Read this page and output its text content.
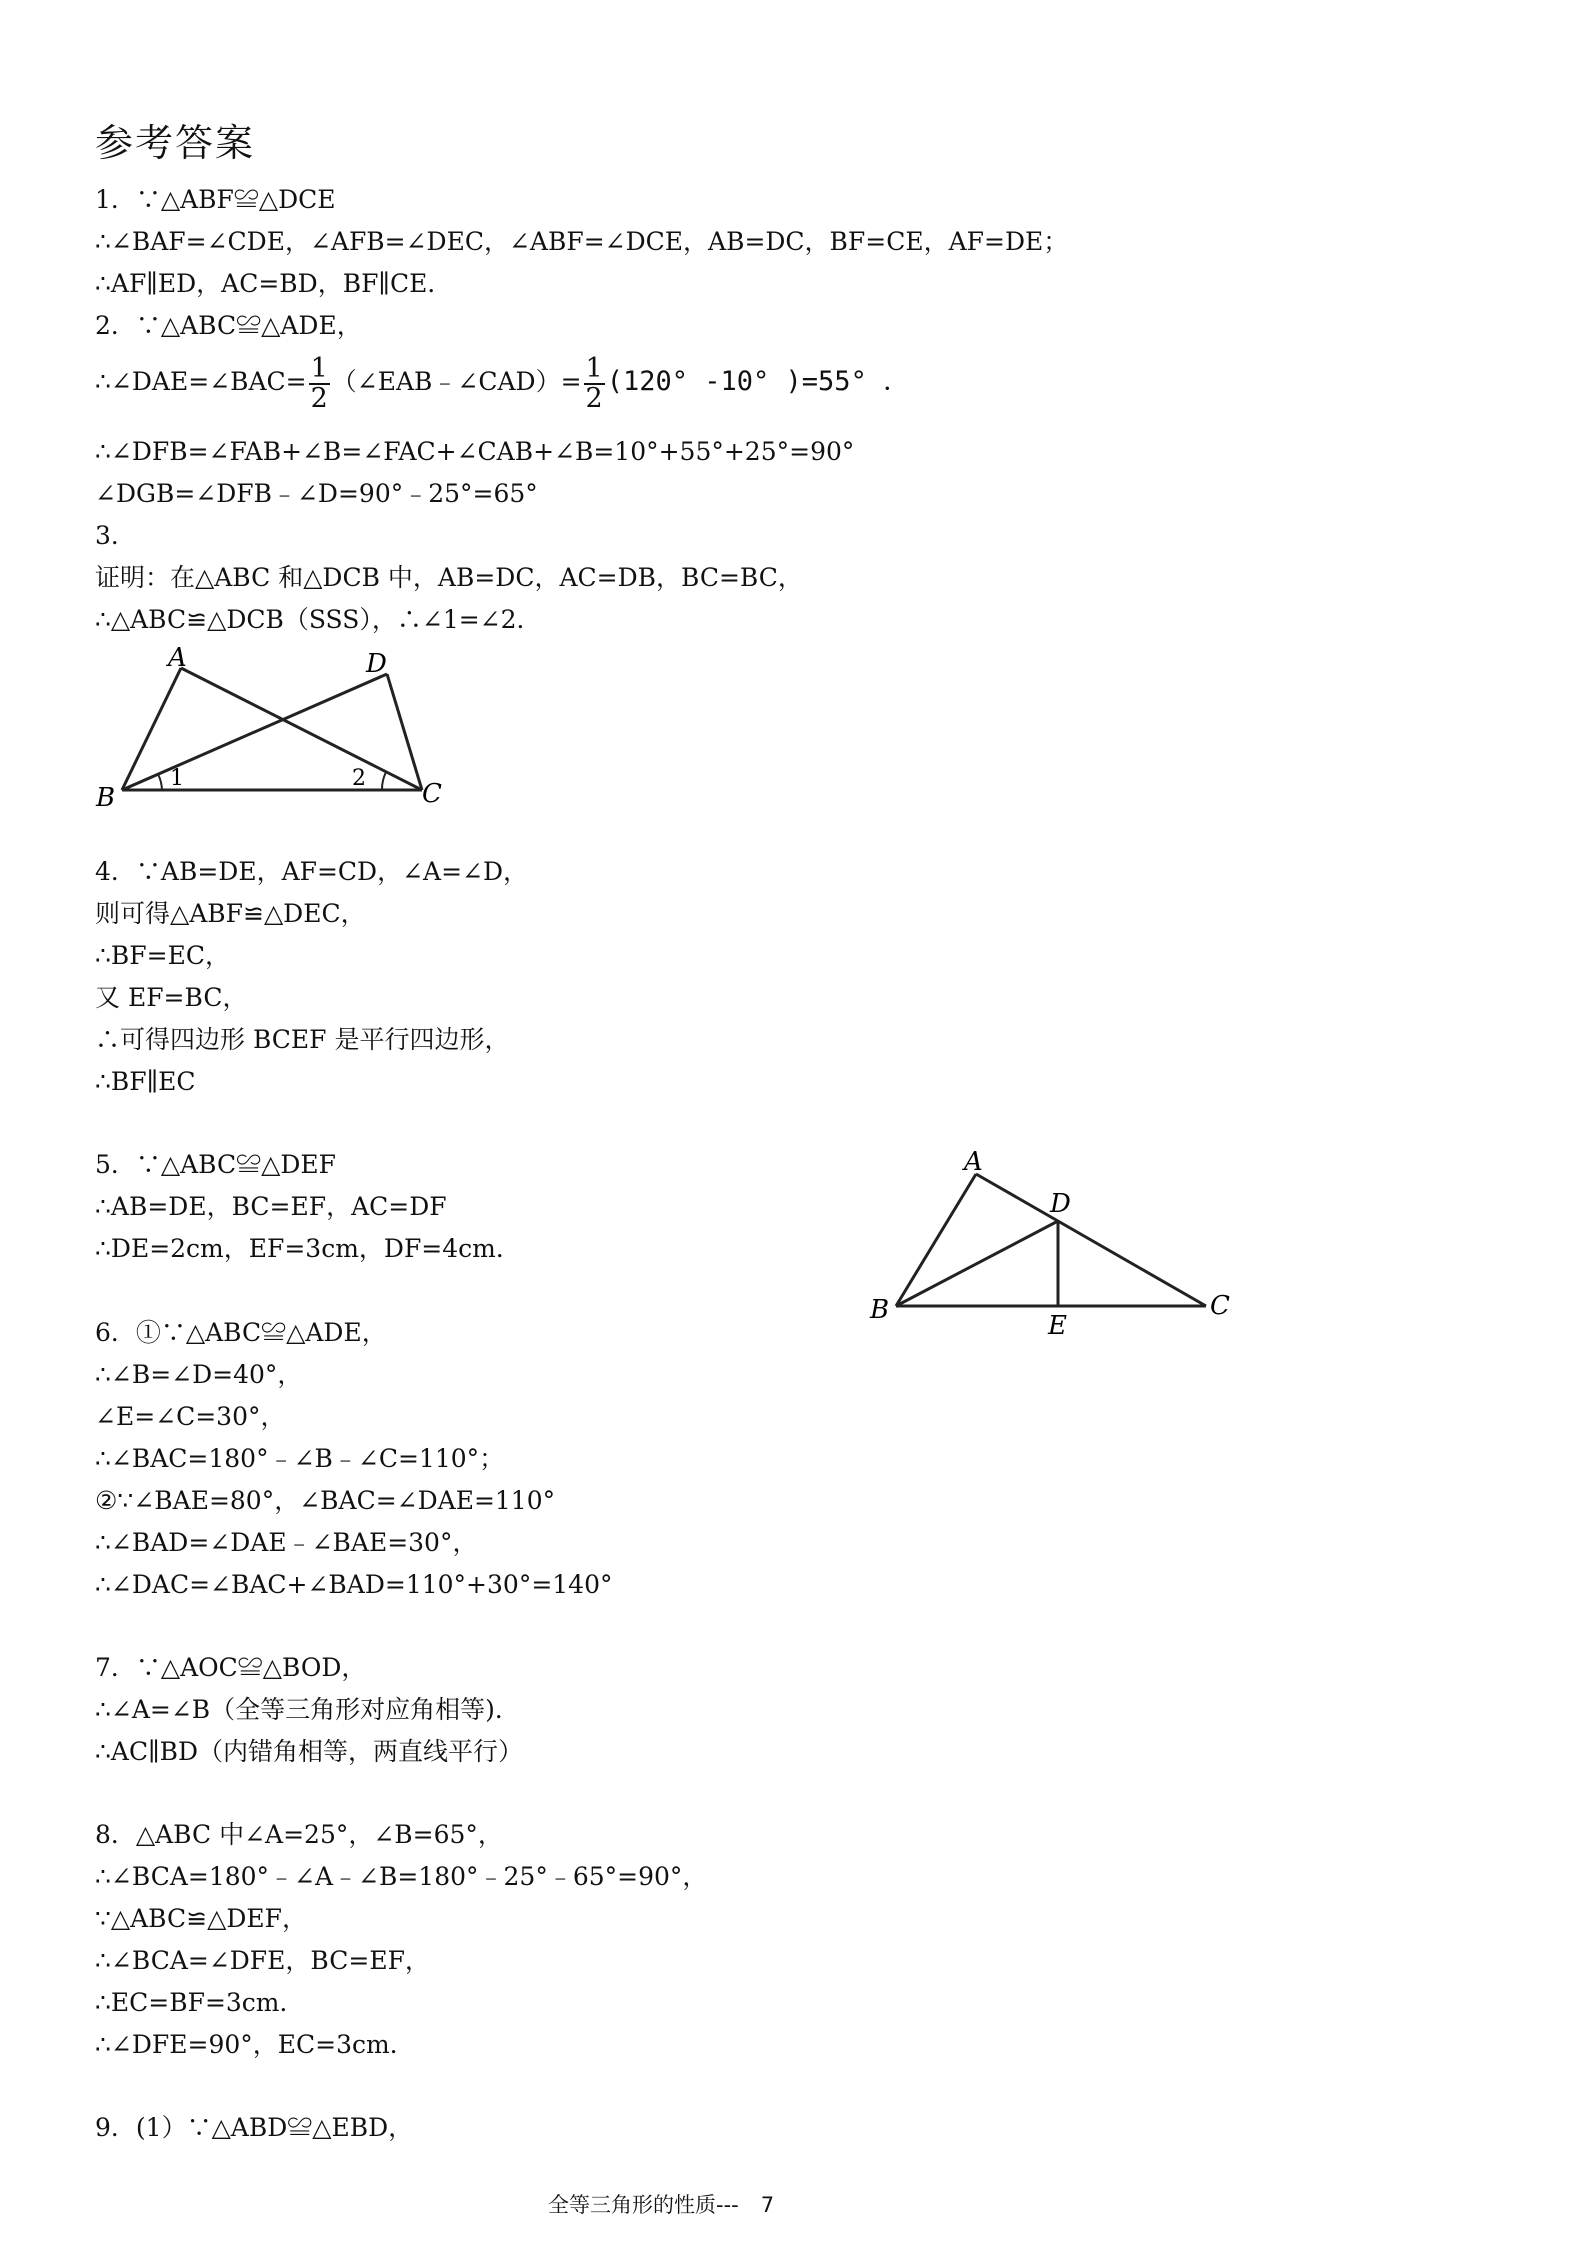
参考答案
1．∵△ABF≌△DCE
∴∠BAF=∠CDE，∠AFB=∠DEC，∠ABF=∠DCE，AB=DC，BF=CE，AF=DE；
∴AF∥ED，AC=BD，BF∥CE．
2．∵△ABC≌△ADE，
∴∠DAE=∠BAC= $\frac{1}{2}$ （∠EAB﹣∠CAD）= $\frac{1}{2} (120^\circ$ -10° )=55° ．
∴∠DFB=∠FAB+∠B=∠FAC+∠CAB+∠B=10°+55°+25°=90°
∠DGB=∠DFB﹣∠D=90°﹣25°=65°
3．
证明：在△ABC 和△DCB 中，AB=DC，AC=DB，BC=BC，
∴△ABC≌△DCB（SSS），∴∠1=∠2．
A	D
B	C
1	2
4．∵AB=DE，AF=CD，∠A=∠D，
则可得△ABF≌△DEC，
∴BF=EC，
又 EF=BC，
∴可得四边形 BCEF 是平行四边形，
∴BF∥EC
5．∵△ABC≌△DEF
∴AB=DE，BC=EF，AC=DF
∴DE=2cm，EF=3cm，DF=4cm．
A
D
B
E
C
6．①∵△ABC≌△ADE，
∴∠B=∠D=40°，
∠E=∠C=30°，
∴∠BAC=180°﹣∠B﹣∠C=110°；
②∵∠BAE=80°，∠BAC=∠DAE=110°
∴∠BAD=∠DAE﹣∠BAE=30°，
∴∠DAC=∠BAC+∠BAD=110°+30°=140°
7．∵△AOC≌△BOD，
∴∠A=∠B（全等三角形对应角相等)．
∴AC∥BD（内错角相等，两直线平行）
8．△ABC 中∠A=25°，∠B=65°，
∴∠BCA=180°﹣∠A﹣∠B=180°﹣25°﹣65°=90°，
∵△ABC≌△DEF，
∴∠BCA=∠DFE，BC=EF，
∴EC=BF=3cm．
∴∠DFE=90°，EC=3cm．
9．(1）∵△ABD≌△EBD，
全等三角形的性质--- 7
